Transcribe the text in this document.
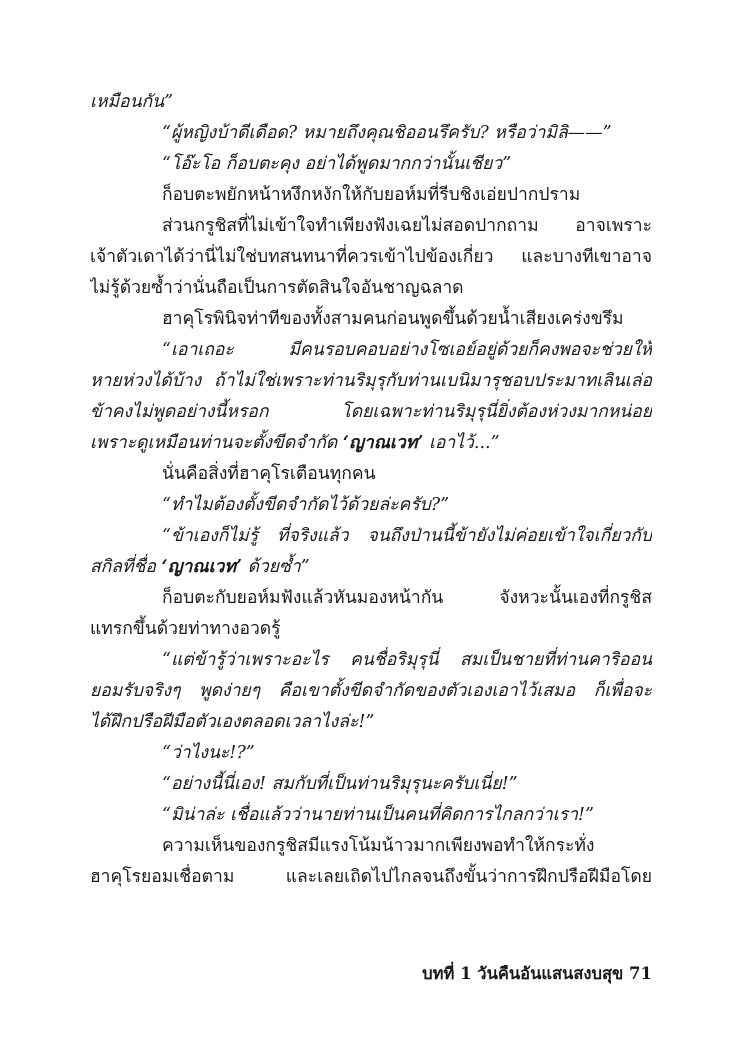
เหมือนกัน”
“ผู้หญิงบ้าดีเดือด? หมายถึงคุณชิออนรึครับ? หรือว่ามิลิ——”
“โอ๊ะโอ ก็อบตะคุง อย่าได้พูดมากกว่านั้นเชียว”
ก็อบตะพยักหน้าหงึกหงักให้กับยอห์มที่รีบชิงเอ่ยปากปราม
ส่วนกรูชิสที่ไม่เข้าใจทำเพียงฟังเฉยไม่สอดปากถาม อาจเพราะ
เจ้าตัวเดาได้ว่านี่ไม่ใช่บทสนทนาที่ควรเข้าไปข้องเกี่ยว และบางทีเขาอาจ
ไม่รู้ด้วยซ้ำว่านั่นถือเป็นการตัดสินใจอันชาญฉลาด
ฮาคุโรพินิจท่าทีของทั้งสามคนก่อนพูดขึ้นด้วยน้ำเสียงเคร่งขรึม
“เอาเถอะ มีคนรอบคอบอย่างโซเอย์อยู่ด้วยก็คงพอจะช่วยให้
หายห่วงได้บ้าง ถ้าไม่ใช่เพราะท่านริมุรุกับท่านเบนิมารุชอบประมาทเลินเล่อ
ข้าคงไม่พูดอย่างนี้หรอก โดยเฉพาะท่านริมุรุนี่ยิ่งต้องห่วงมากหน่อย
เพราะดูเหมือนท่านจะตั้งขีดจำกัด ‘ญาณเวท’ เอาไว้...”
นั่นคือสิ่งที่ฮาคุโรเตือนทุกคน
“ทำไมต้องตั้งขีดจำกัดไว้ด้วยล่ะครับ?”
“ข้าเองก็ไม่รู้ ที่จริงแล้ว จนถึงป่านนี้ข้ายังไม่ค่อยเข้าใจเกี่ยวกับ
สกิลที่ชื่อ ‘ญาณเวท’ ด้วยซ้ำ”
ก็อบตะกับยอห์มฟังแล้วหันมองหน้ากัน จังหวะนั้นเองที่กรูชิส
แทรกขึ้นด้วยท่าทางอวดรู้
“แต่ข้ารู้ว่าเพราะอะไร คนชื่อริมุรุนี่ สมเป็นชายที่ท่านคาริออน
ยอมรับจริงๆ พูดง่ายๆ คือเขาตั้งขีดจำกัดของตัวเองเอาไว้เสมอ ก็เพื่อจะ
ได้ฝึกปรือฝีมือตัวเองตลอดเวลาไงล่ะ!”
“ว่าไงนะ!?”
“อย่างนี้นี่เอง! สมกับที่เป็นท่านริมุรุนะครับเนี่ย!”
“มิน่าล่ะ เชื่อแล้วว่านายท่านเป็นคนที่คิดการไกลกว่าเรา!”
ความเห็นของกรูชิสมีแรงโน้มน้าวมากเพียงพอทำให้กระทั่ง
ฮาคุโรยอมเชื่อตาม และเลยเถิดไปไกลจนถึงขั้นว่าการฝึกปรือฝีมือโดย
บทที่ 1 วันคืนอันแสนสงบสุข 71
